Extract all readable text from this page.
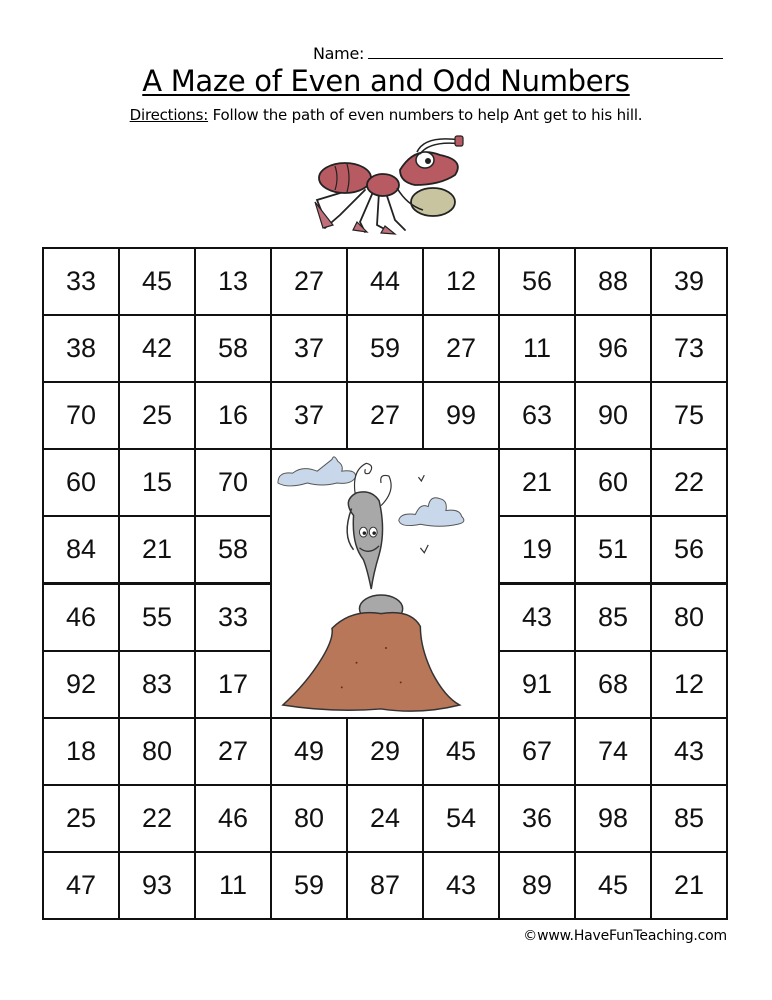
Name:
A Maze of Even and Odd Numbers
Directions: Follow the path of even numbers to help Ant get to his hill.
33	45	13	27	44	12	56	88	39
38	42	58	37	59	27	11	96	73
70	25	16	37	27	99	63	90	75
60	15	70	21	60	22
84	21	58	19	51	56
46	55	33	43	85	80
92	83	17	91	68	12
18	80	27	49	29	45	67	74	43
25	22	46	80	24	54	36	98	85
47	93	11	59	87	43	89	45	21
©www.HaveFunTeaching.com
